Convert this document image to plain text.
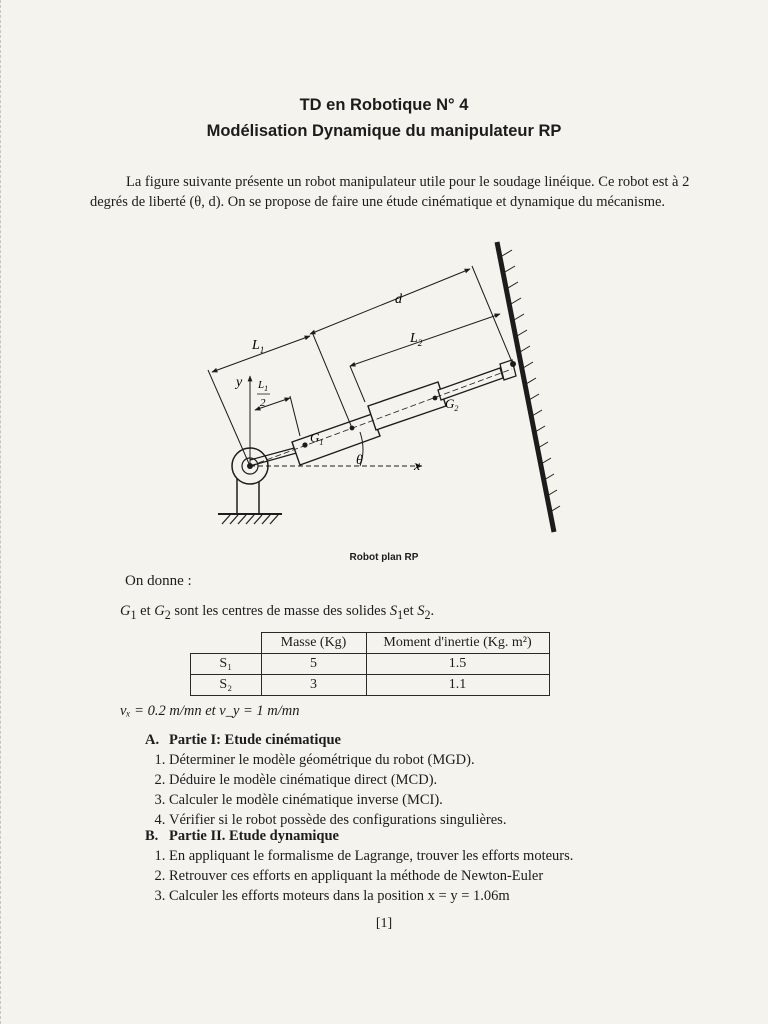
TD en Robotique N° 4
Modélisation Dynamique du manipulateur RP
La figure suivante présente un robot manipulateur utile pour le soudage linéique. Ce robot est à 2 degrés de liberté (θ, d). On se propose de faire une étude cinématique et dynamique du mécanisme.
d
$L_1$
$L_2$
$L_1$
2
y
x
θ
$G_1$
$G_2$
Robot plan RP
On donne :
$G_1$ et $G_2$ sont les centres de masse des solides $S_1et$ $S_2$.
	Masse (Kg)	Moment d'inertie (Kg. m²)
S₁	5	1.5
S₂	3	1.1
vₓ = 0.2 m/mn et v_y = 1 m/mn
A. Partie I: Etude cinématique
1. Déterminer le modèle géométrique du robot (MGD).
2. Déduire le modèle cinématique direct (MCD).
3. Calculer le modèle cinématique inverse (MCI).
4. Vérifier si le robot possède des configurations singulières.
B. Partie II. Etude dynamique
1. En appliquant le formalisme de Lagrange, trouver les efforts moteurs.
2. Retrouver ces efforts en appliquant la méthode de Newton-Euler
3. Calculer les efforts moteurs dans la position x = y = 1.06m
[1]
